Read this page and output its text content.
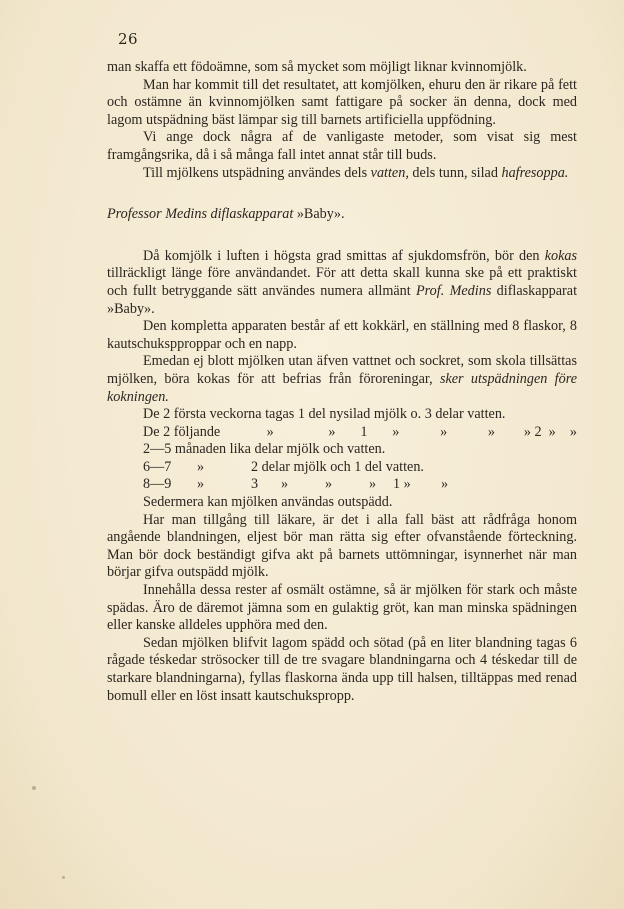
26

man skaffa ett födoämne, som så mycket som möjligt liknar kvinnomjölk.

Man har kommit till det resultatet, att komjölken, ehuru den är rikare på fett och ostämne än kvinnomjölken samt fattigare på socker än denna, dock med lagom utspädning bäst lämpar sig till barnets artificiella uppfödning.

Vi ange dock några af de vanligaste metoder, som visat sig mest framgångsrika, då i så många fall intet annat står till buds.

Till mjölkens utspädning användes dels vatten, dels tunn, silad hafresoppa.

Professor Medins diflaskapparat »Baby».

Då komjölk i luften i högsta grad smittas af sjukdomsfrön, bör den kokas tillräckligt länge före användandet. För att detta skall kunna ske på ett praktiskt och fullt betryggande sätt användes numera allmänt Prof. Medins diflaskapparat »Baby».

Den kompletta apparaten består af ett kokkärl, en ställning med 8 flaskor, 8 kautschukspproppar och en napp.

Emedan ej blott mjölken utan äfven vattnet och sockret, som skola tillsättas mjölken, böra kokas för att befrias från föroreningar, sker utspädningen före kokningen.

De 2 första veckorna tagas 1 del nysilad mjölk o. 3 delar vatten.
De 2 följande	»	»	1	»	»	»	» 2  »    »
2—5 månaden lika delar mjölk och vatten.
6—7	»	2 delar mjölk och 1 del vatten.
8—9	»	3	»	»	»	1 »	»

Sedermera kan mjölken användas outspädd.

Har man tillgång till läkare, är det i alla fall bäst att rådfråga honom angående blandningen, eljest bör man rätta sig efter ofvanstående förteckning. Man bör dock beständigt gifva akt på barnets uttömningar, isynnerhet när man börjar gifva outspädd mjölk.

Innehålla dessa rester af osmält ostämne, så är mjölken för stark och måste spädas. Äro de däremot jämna som en gulaktig gröt, kan man minska spädningen eller kanske alldeles upphöra med den.

Sedan mjölken blifvit lagom spädd och sötad (på en liter blandning tagas 6 rågade téskedar strösocker till de tre svagare blandningarna och 4 téskedar till de starkare blandningarna), fyllas flaskorna ända upp till halsen, tilltäppas med renad bomull eller en löst insatt kautschukspropp.
